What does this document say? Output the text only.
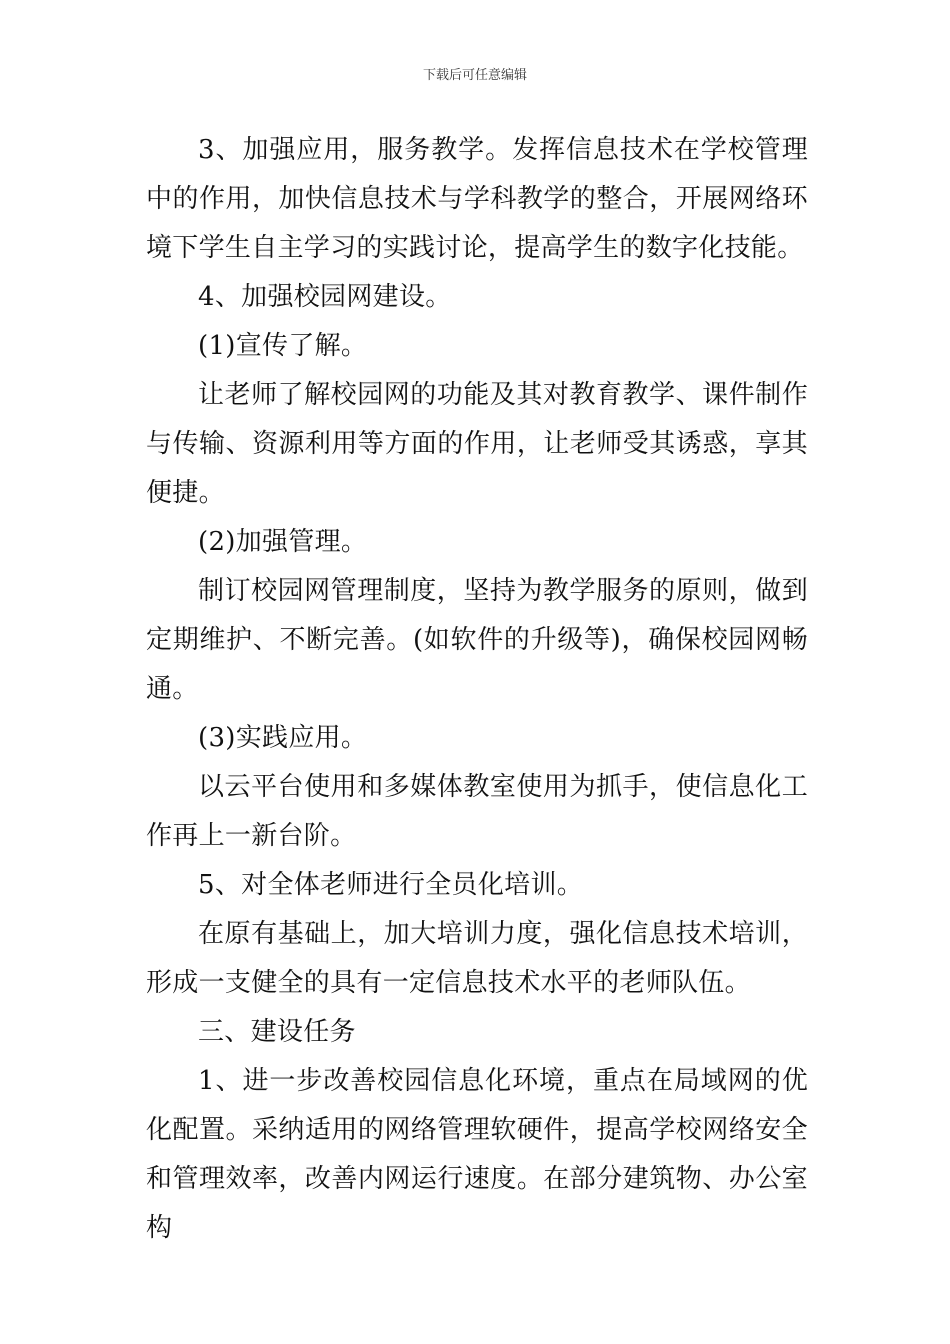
下载后可任意编辑

3、加强应用，服务教学。发挥信息技术在学校管理中的作用，加快信息技术与学科教学的整合，开展网络环境下学生自主学习的实践讨论，提高学生的数字化技能。

4、加强校园网建设。

(1)宣传了解。

让老师了解校园网的功能及其对教育教学、课件制作与传输、资源利用等方面的作用，让老师受其诱惑，享其便捷。

(2)加强管理。

制订校园网管理制度，坚持为教学服务的原则，做到定期维护、不断完善。(如软件的升级等)，确保校园网畅通。

(3)实践应用。

以云平台使用和多媒体教室使用为抓手，使信息化工作再上一新台阶。

5、对全体老师进行全员化培训。

在原有基础上，加大培训力度，强化信息技术培训，形成一支健全的具有一定信息技术水平的老师队伍。

三、建设任务

1、进一步改善校园信息化环境，重点在局域网的优化配置。采纳适用的网络管理软硬件，提高学校网络安全和管理效率，改善内网运行速度。在部分建筑物、办公室构
